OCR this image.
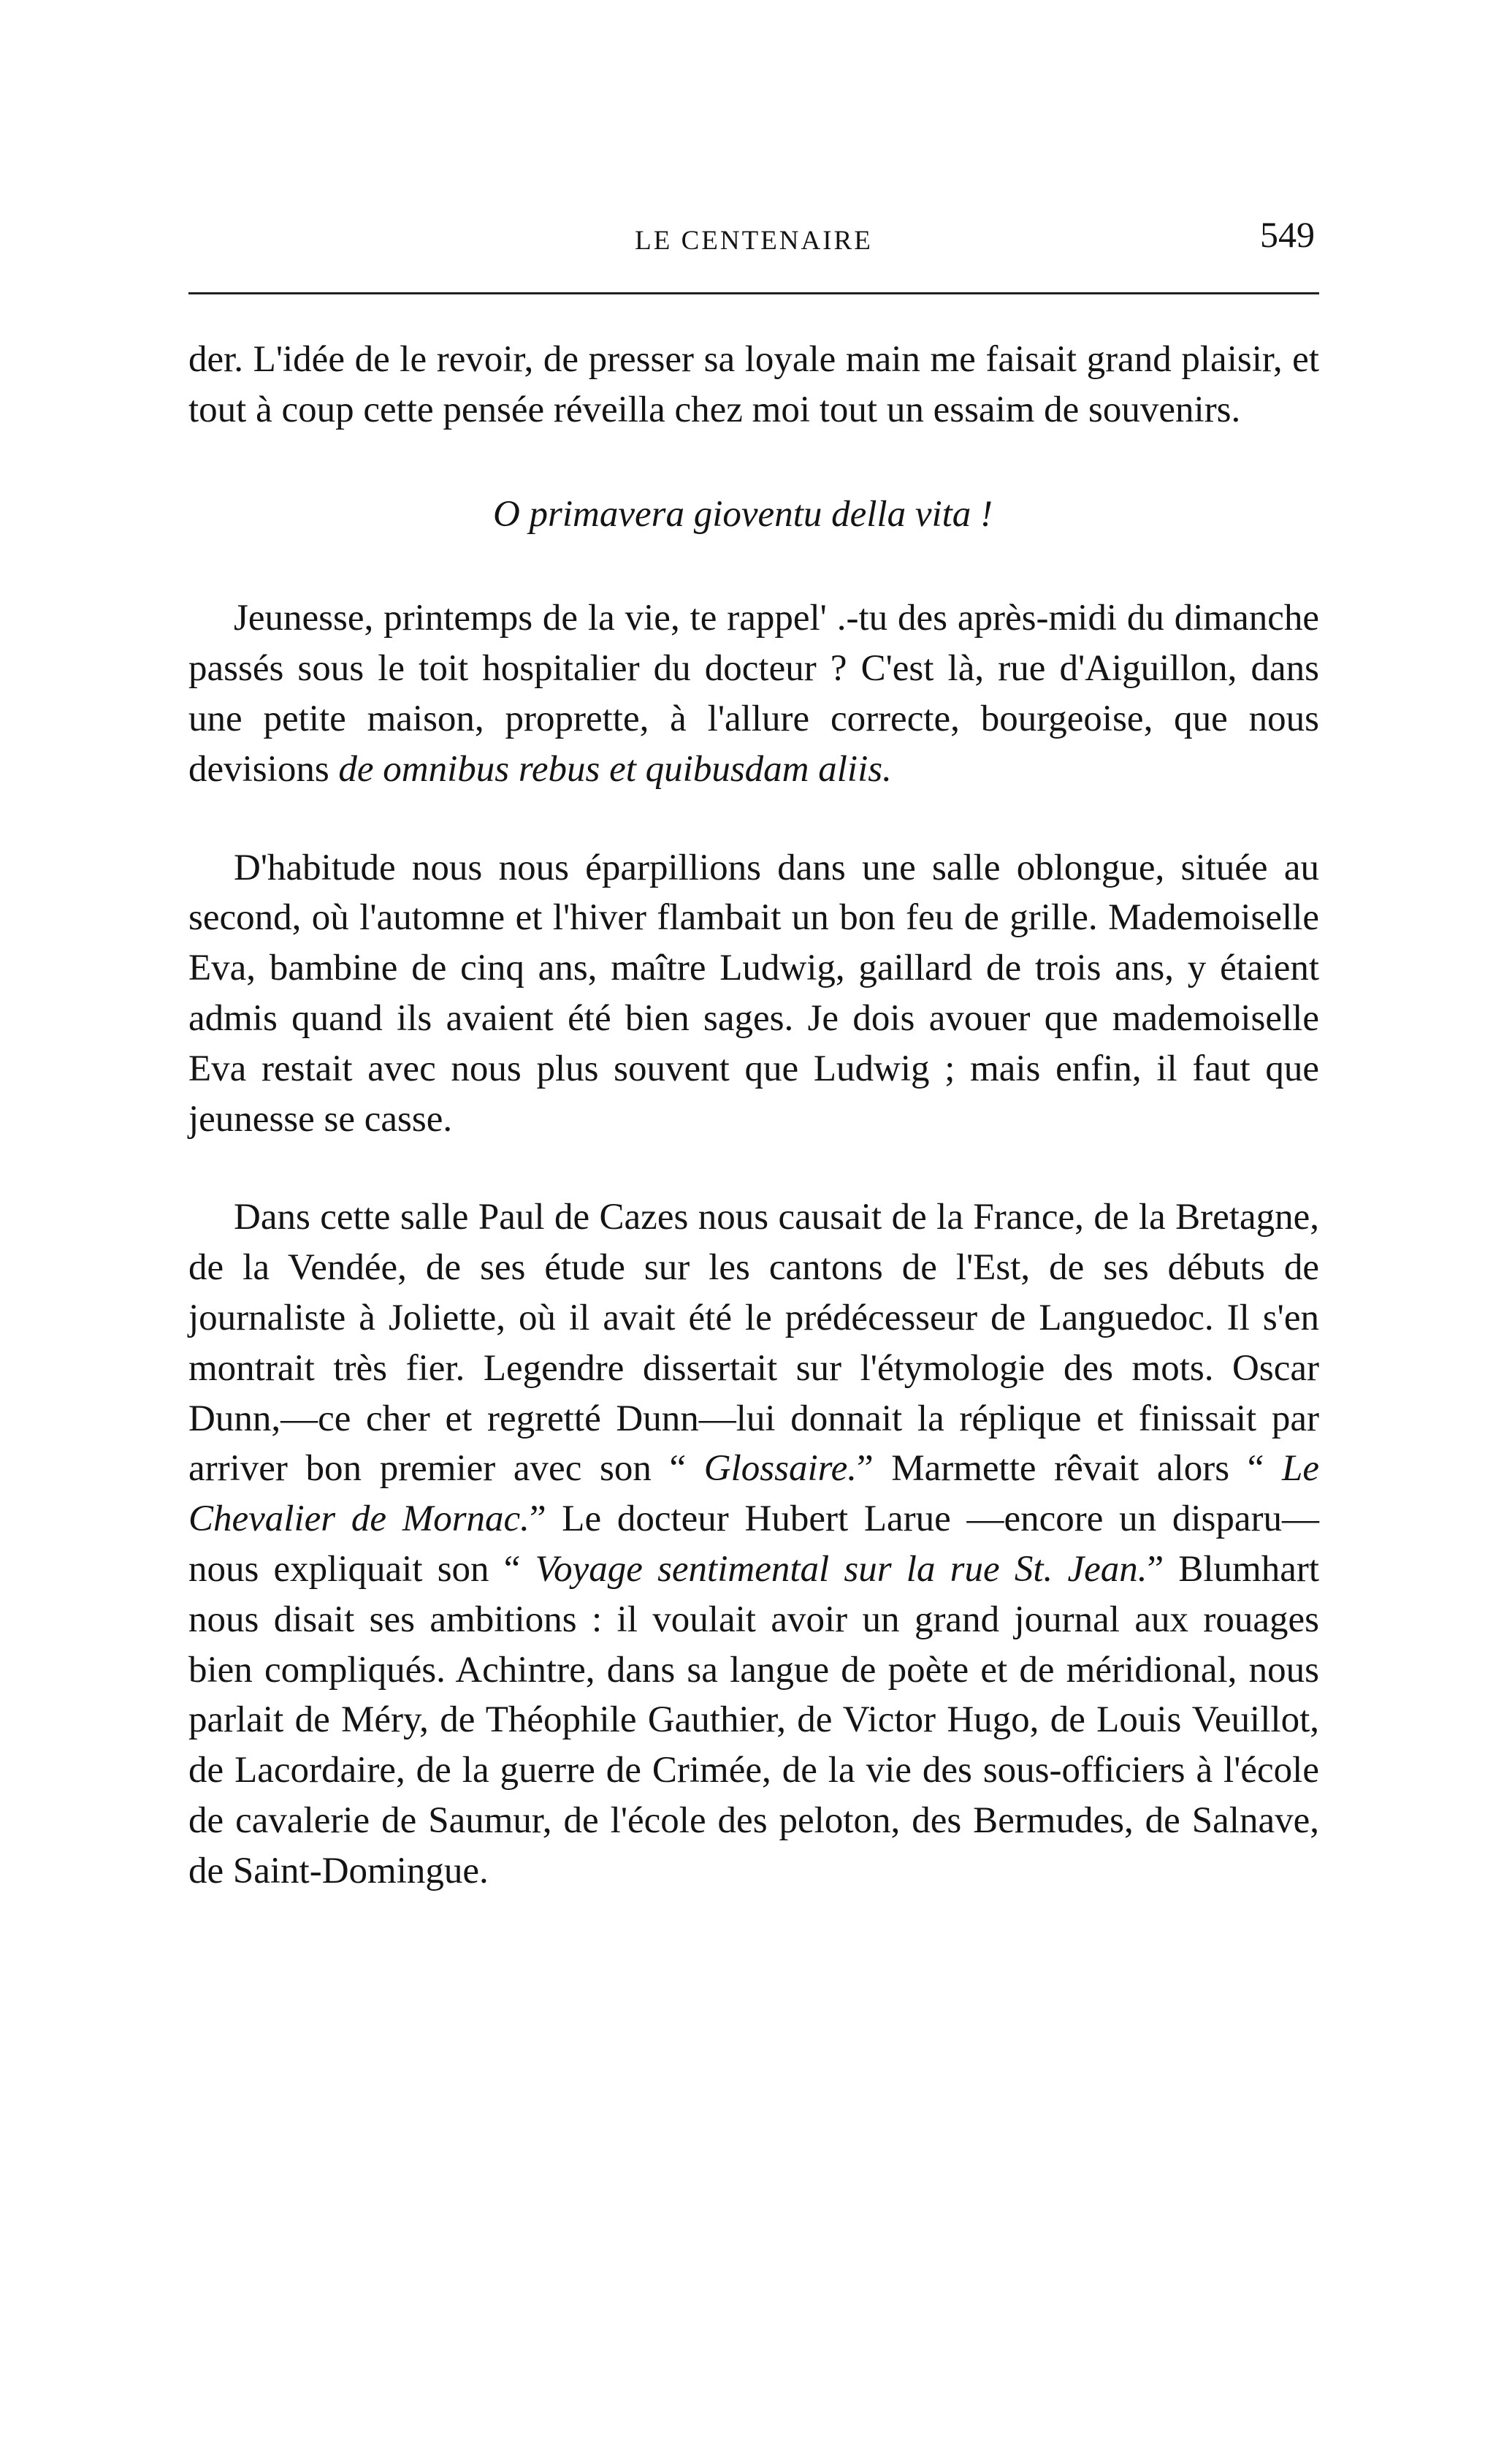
LE CENTENAIRE	549

der. L'idée de le revoir, de presser sa loyale main me faisait grand plaisir, et tout à coup cette pensée réveilla chez moi tout un essaim de souvenirs.

O primavera gioventu della vita !

Jeunesse, printemps de la vie, te rappel' .-tu des après-midi du dimanche passés sous le toit hospitalier du docteur ? C'est là, rue d'Aiguillon, dans une petite maison, proprette, à l'allure correcte, bourgeoise, que nous devisions de omnibus rebus et quibusdam aliis.

D'habitude nous nous éparpillions dans une salle oblongue, située au second, où l'automne et l'hiver flambait un bon feu de grille. Mademoiselle Eva, bambine de cinq ans, maître Ludwig, gaillard de trois ans, y étaient admis quand ils avaient été bien sages. Je dois avouer que mademoiselle Eva restait avec nous plus souvent que Ludwig ; mais enfin, il faut que jeunesse se casse.

Dans cette salle Paul de Cazes nous causait de la France, de la Bretagne, de la Vendée, de ses étude sur les cantons de l'Est, de ses débuts de journaliste à Joliette, où il avait été le prédécesseur de Languedoc. Il s'en montrait très fier. Legendre dissertait sur l'étymologie des mots. Oscar Dunn,—ce cher et regretté Dunn—lui donnait la réplique et finissait par arriver bon premier avec son “ Glossaire.” Marmette rêvait alors “ Le Chevalier de Mornac.” Le docteur Hubert Larue —encore un disparu—nous expliquait son “ Voyage sentimental sur la rue St. Jean.” Blumhart nous disait ses ambitions : il voulait avoir un grand journal aux rouages bien compliqués. Achintre, dans sa langue de poète et de méridional, nous parlait de Méry, de Théophile Gauthier, de Victor Hugo, de Louis Veuillot, de Lacordaire, de la guerre de Crimée, de la vie des sous-officiers à l'école de cavalerie de Saumur, de l'école des peloton, des Bermudes, de Salnave, de Saint-Domingue.
